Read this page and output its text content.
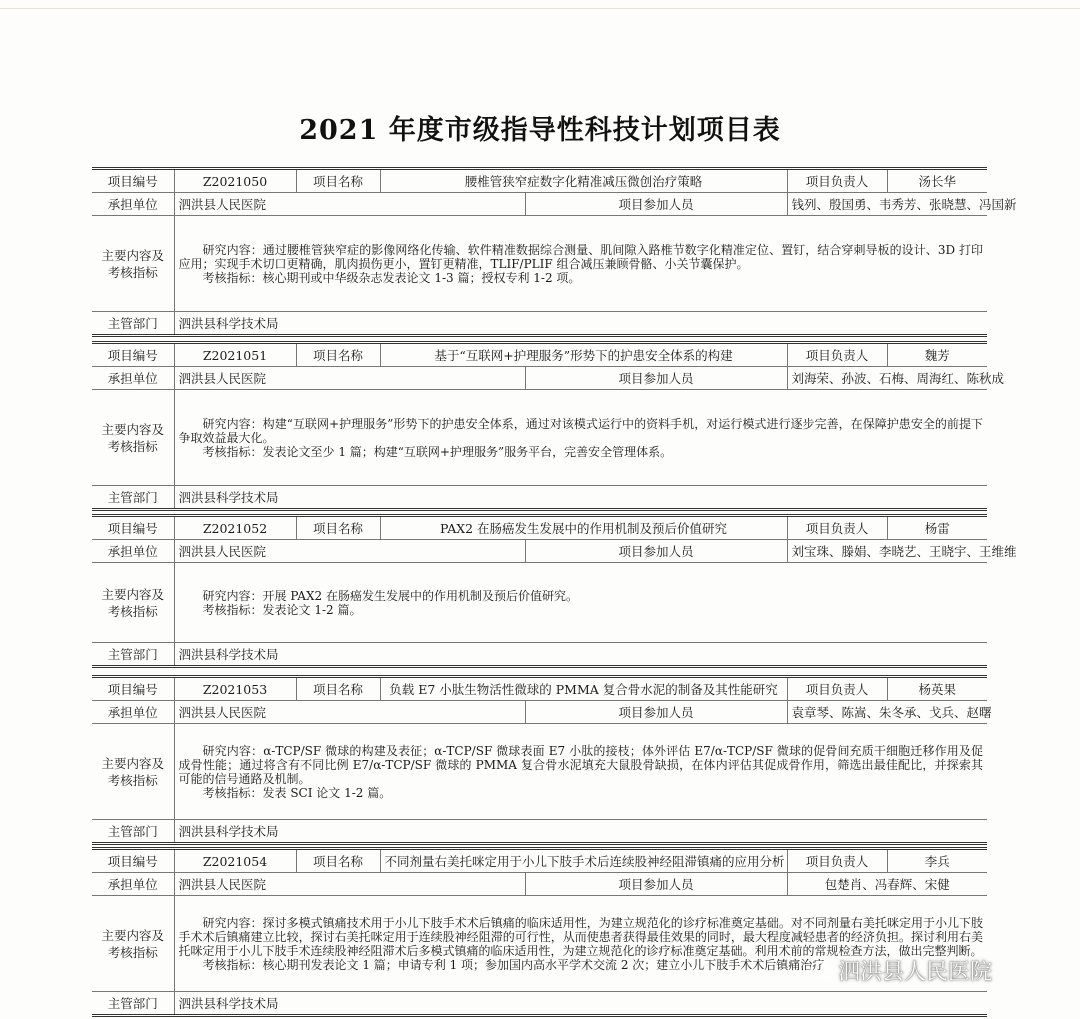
2021 年度市级指导性科技计划项目表
项目编号	Z2021050	项目名称	腰椎管狭窄症数字化精准减压微创治疗策略		项目负责人	汤长华
承担单位	泗洪县人民医院			项目参加人员	钱列、殷国勇、韦秀芳、张晓慧、冯国新	
主要内容及考核指标	研究内容：通过腰椎管狭窄症的影像网络化传输、软件精准数据综合测量、肌间隙入路椎节数字化精准定位、置钉，结合穿刺导板的设计、3D 打印应用；实现手术切口更精确，肌肉损伤更小，置钉更精准，TLIF/PLIF 组合减压兼顾骨骼、小关节囊保护。

考核指标：核心期刊或中华级杂志发表论文 1-3 篇；授权专利 1-2 项。					

主管部门	泗洪县科学技术局					
项目编号	Z2021051	项目名称	基于“互联网+护理服务”形势下的护患安全体系的构建		项目负责人	魏芳
承担单位	泗洪县人民医院			项目参加人员	刘海荣、孙波、石梅、周海红、陈秋成	
主要内容及考核指标	研究内容：构建“互联网+护理服务”形势下的护患安全体系，通过对该模式运行中的资料手机，对运行模式进行逐步完善，在保障护患安全的前提下争取效益最大化。

考核指标：发表论文至少 1 篇；构建“互联网+护理服务”服务平台，完善安全管理体系。					

主管部门	泗洪县科学技术局					
项目编号	Z2021052	项目名称	PAX2 在肠癌发生发展中的作用机制及预后价值研究		项目负责人	杨雷
承担单位	泗洪县人民医院			项目参加人员	刘宝珠、滕娟、李晓艺、王晓宇、王维维	
主要内容及考核指标	研究内容：开展 PAX2 在肠癌发生发展中的作用机制及预后价值研究。

考核指标：发表论文 1-2 篇。					

主管部门	泗洪县科学技术局					
项目编号	Z2021053	项目名称	负载 E7 小肽生物活性微球的 PMMA 复合骨水泥的制备及其性能研究		项目负责人	杨英果
承担单位	泗洪县人民医院			项目参加人员	袁章琴、陈嵩、朱冬承、戈兵、赵曙	
主要内容及考核指标	研究内容：α-TCP/SF 微球的构建及表征；α-TCP/SF 微球表面 E7 小肽的接枝；体外评估 E7/α-TCP/SF 微球的促骨间充质干细胞迁移作用及促成骨性能；通过将含有不同比例 E7/α-TCP/SF 微球的 PMMA 复合骨水泥填充大鼠股骨缺损，在体内评估其促成骨作用，筛选出最佳配比，并探索其可能的信号通路及机制。

考核指标：发表 SCI 论文 1-2 篇。					

主管部门	泗洪县科学技术局					
项目编号	Z2021054	项目名称	不同剂量右美托咪定用于小儿下肢手术后连续股神经阻滞镇痛的应用分析		项目负责人	李兵
承担单位	泗洪县人民医院			项目参加人员	包楚肖、冯春辉、宋健	
主要内容及考核指标	研究内容：探讨多模式镇痛技术用于小儿下肢手术术后镇痛的临床适用性，为建立规范化的诊疗标准奠定基础。对不同剂量右美托咪定用于小儿下肢手术术后镇痛建立比较，探讨右美托咪定用于连续股神经阻滞的可行性，从而使患者获得最佳效果的同时，最大程度减轻患者的经济负担。探讨利用右美托咪定用于小儿下肢手术连续股神经阻滞术后多模式镇痛的临床适用性，为建立规范化的诊疗标准奠定基础。利用术前的常规检查方法，做出完整判断。

考核指标：核心期刊发表论文 1 篇；申请专利 1 项；参加国内高水平学术交流 2 次；建立小儿下肢手术术后镇痛治疗					

主管部门	泗洪县科学技术局					
泗洪县人民医院
